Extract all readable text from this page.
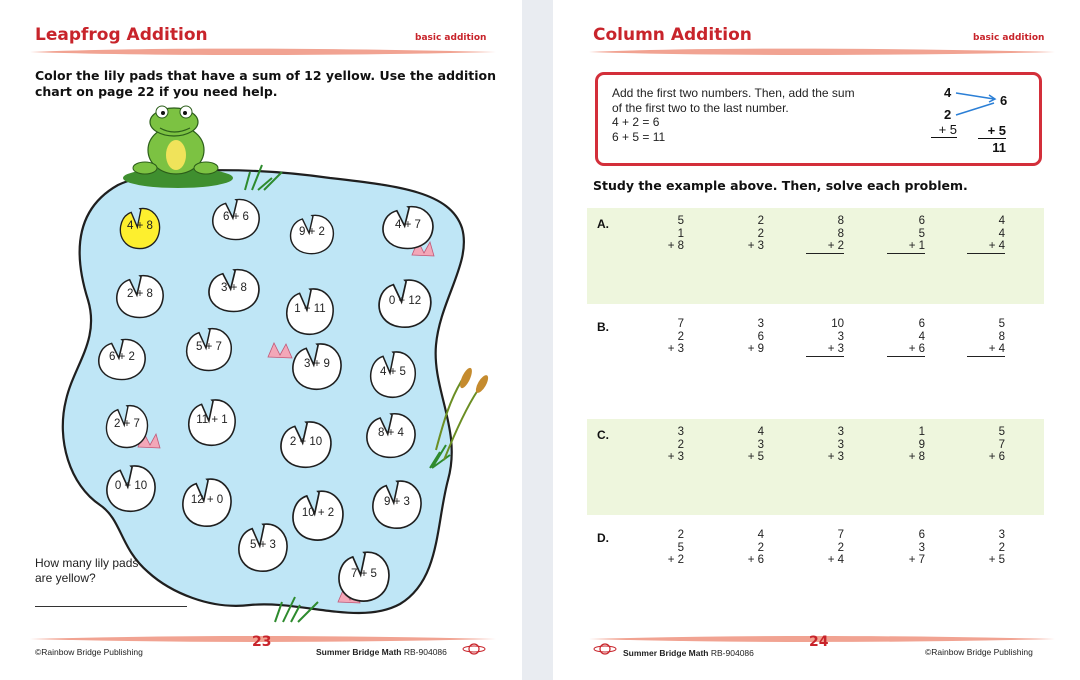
Leapfrog Addition	basic addition
Color the lily pads that have a sum of 12 yellow. Use the addition
chart on page 22 if you need help.
4 + 8
6 + 6
9 + 2
4 + 7
2 + 8	3 + 8
1 + 11
0 + 12
6 + 2
5 + 7
3 + 9
4 + 5
2 + 7	11 + 1
2 + 10
8 + 4
0 + 10
12 + 0
10 + 2
9 + 3
5 + 3
7 + 5
How many lily pads
are yellow?
©Rainbow Bridge Publishing
23
Summer Bridge Math RB-904086
Column Addition	basic addition
Add the first two numbers. Then, add the sum
of the first two to the last number.
4 + 2 = 6
6 + 5 = 11
4
2
+ 5
6
+ 5
11
Study the example above. Then, solve each problem.
A.	5
1
+ 8
2
2
+ 3
8
8
+ 2
6
5
+ 1
4
4
+ 4
B.	7
2
+ 3
3
6
+ 9
10
3
+ 3
6
4
+ 6
5
8
+ 4
C.	3
2
+ 3
4
3
+ 5
3
3
+ 3
1
9
+ 8
5
7
+ 6
D.	2
5
+ 2
4
2
+ 6
7
2
+ 4
6
3
+ 7
3
2
+ 5
Summer Bridge Math RB-904086
24
©Rainbow Bridge Publishing
